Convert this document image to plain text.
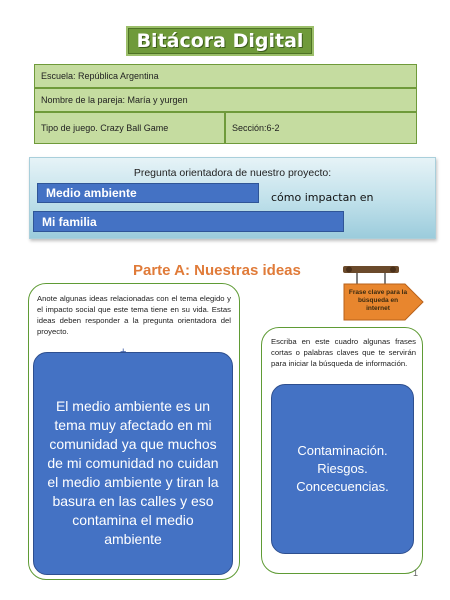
Bitácora Digital
Escuela: República Argentina
Nombre de la pareja: María y yurgen
Tipo de juego. Crazy Ball Game	Sección:6-2
Pregunta orientadora de nuestro proyecto:
Medio ambiente	cómo impactan en
Mi familia
Parte A: Nuestras ideas
Frase clave para la búsqueda en internet
Anote algunas ideas relacionadas con el tema elegido y el impacto social que este tema tiene en su vida. Estas ideas deben responder a la pregunta orientadora del proyecto.
El medio ambiente es un tema muy afectado en mi comunidad ya que muchos de mi comunidad no cuidan el medio ambiente y tiran la basura en las calles y eso contamina el medio ambiente
Escriba en este cuadro algunas frases cortas o palabras claves que te servirán para iniciar la búsqueda de información.
Contaminación. Riesgos. Concecuencias.
1
